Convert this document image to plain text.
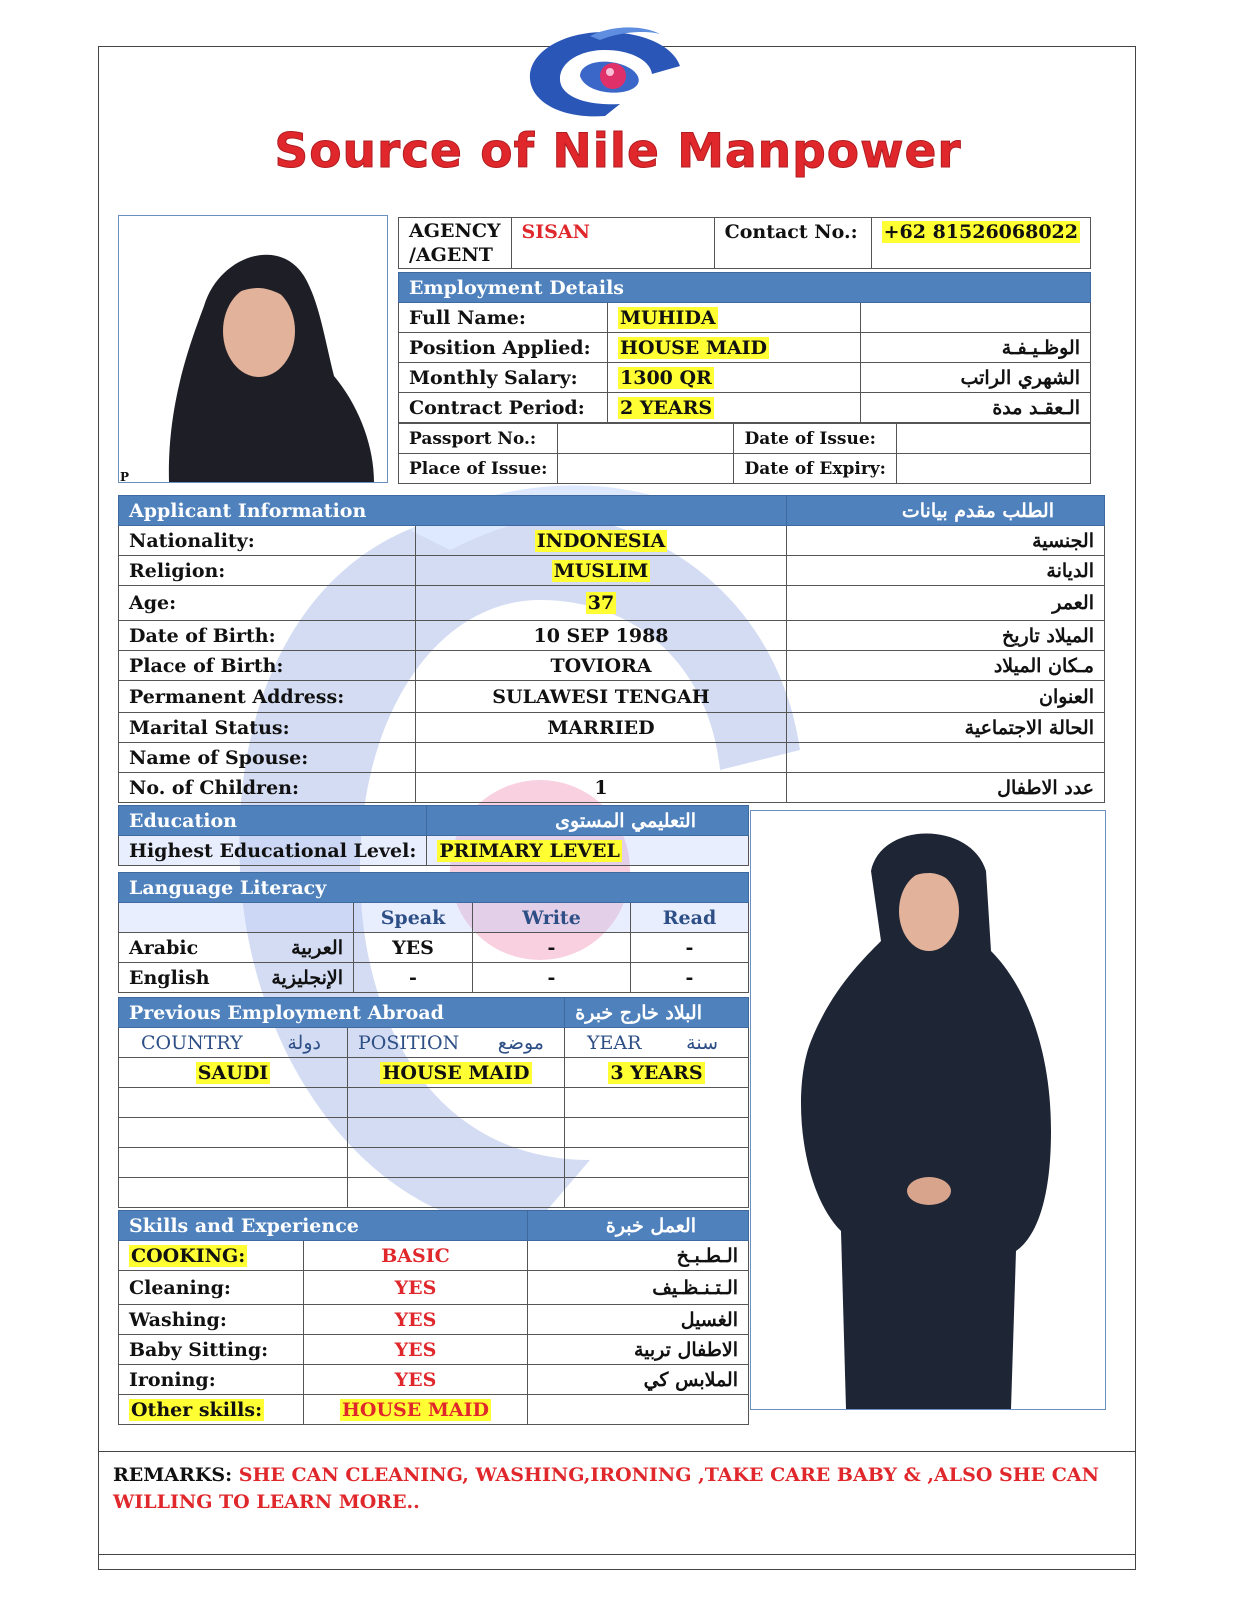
Source of Nile Manpower
P
AGENCY /AGENT	SISAN	Contact No.:	+62 81526068022
Employment Details		
Full Name:	MUHIDA	
Position Applied:	HOUSE MAID	الوظـيـفـة
Monthly Salary:	1300 QR	الشهري الراتب
Contract Period:	2 YEARS	الـعقـد مدة
Passport No.:		Date of Issue:	
Place of Issue:		Date of Expiry:	
Applicant Information		الطلب مقدم بيانات
Nationality:	INDONESIA	الجنسية
Religion:	MUSLIM	الديانة
Age:	37	العمر
Date of Birth:	10 SEP 1988	الميلاد تاريخ
Place of Birth:	TOVIORA	مـكان الميلاد
Permanent Address:	SULAWESI TENGAH	العنوان
Marital Status:	MARRIED	الحالة الاجتماعية
Name of Spouse:		
No. of Children:	1	عدد الاطفال
Education	التعليمي المستوى
Highest Educational Level:	PRIMARY LEVEL
Language Literacy			
	Speak	Write	Read
Arabic العربية	YES	-	-
English الإنجليزية	-	-	-
Previous Employment Abroad		البلاد خارج خبرة
COUNTRY دولة	POSITION موضع	YEAR سنة

SAUDI	HOUSE MAID	3 YEARS

Skills and Experience		العمل خبرة
COOKING:	BASIC	الـطـبـخ
Cleaning:	YES	الـتـنـظـيف
Washing:	YES	الغسيل
Baby Sitting:	YES	الاطفال تربية
Ironing:	YES	الملابس كي
Other skills:	HOUSE MAID	
REMARKS: SHE CAN CLEANING, WASHING,IRONING ,TAKE CARE BABY & ,ALSO SHE CAN WILLING TO LEARN MORE..
